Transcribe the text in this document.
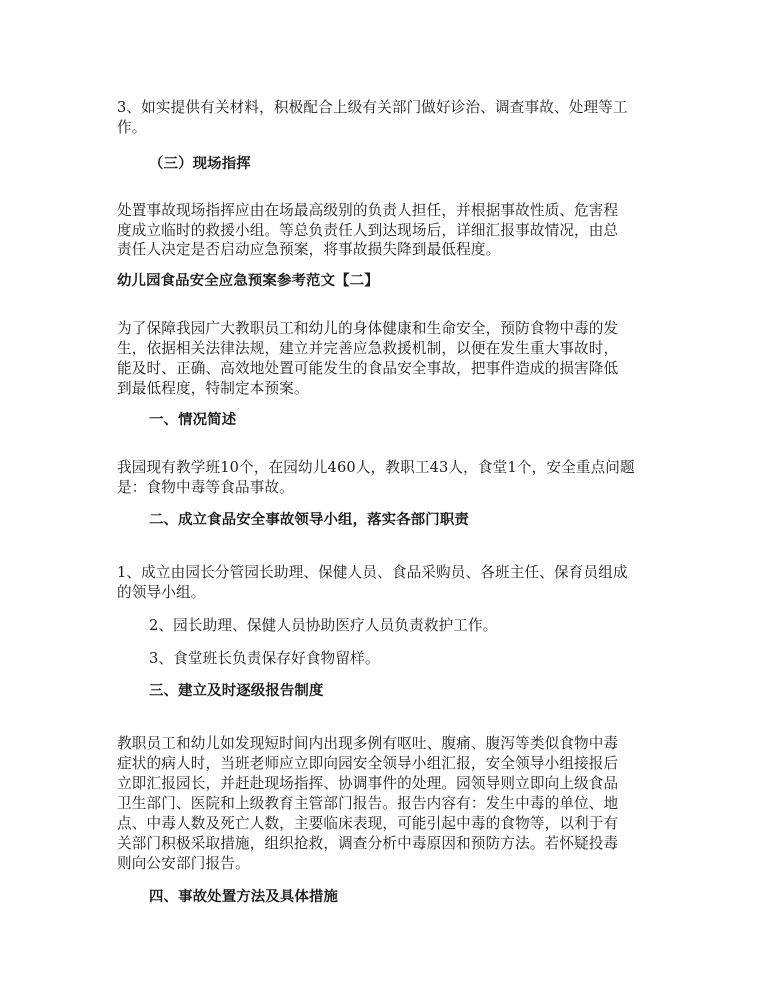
3、如实提供有关材料，积极配合上级有关部门做好诊治、调查事故、处理等工
作。
（三）现场指挥
处置事故现场指挥应由在场最高级别的负责人担任，并根据事故性质、危害程
度成立临时的救援小组。等总负责任人到达现场后，详细汇报事故情况，由总
责任人决定是否启动应急预案，将事故损失降到最低程度。
幼儿园食品安全应急预案参考范文【二】
为了保障我园广大教职员工和幼儿的身体健康和生命安全，预防食物中毒的发
生，依据相关法律法规，建立并完善应急救援机制，以便在发生重大事故时，
能及时、正确、高效地处置可能发生的食品安全事故，把事件造成的损害降低
到最低程度，特制定本预案。
一、情况简述
我园现有教学班10个，在园幼儿460人，教职工43人，食堂1个，安全重点问题
是：食物中毒等食品事故。
二、成立食品安全事故领导小组，落实各部门职责
1、成立由园长分管园长助理、保健人员、食品采购员、各班主任、保育员组成
的领导小组。
2、园长助理、保健人员协助医疗人员负责救护工作。
3、食堂班长负责保存好食物留样。
三、建立及时逐级报告制度
教职员工和幼儿如发现短时间内出现多例有呕吐、腹痛、腹泻等类似食物中毒
症状的病人时，当班老师应立即向园安全领导小组汇报，安全领导小组接报后
立即汇报园长，并赶赴现场指挥、协调事件的处理。园领导则立即向上级食品
卫生部门、医院和上级教育主管部门报告。报告内容有：发生中毒的单位、地
点、中毒人数及死亡人数，主要临床表现，可能引起中毒的食物等，以利于有
关部门积极采取措施，组织抢救，调查分析中毒原因和预防方法。若怀疑投毒
则向公安部门报告。
四、事故处置方法及具体措施
